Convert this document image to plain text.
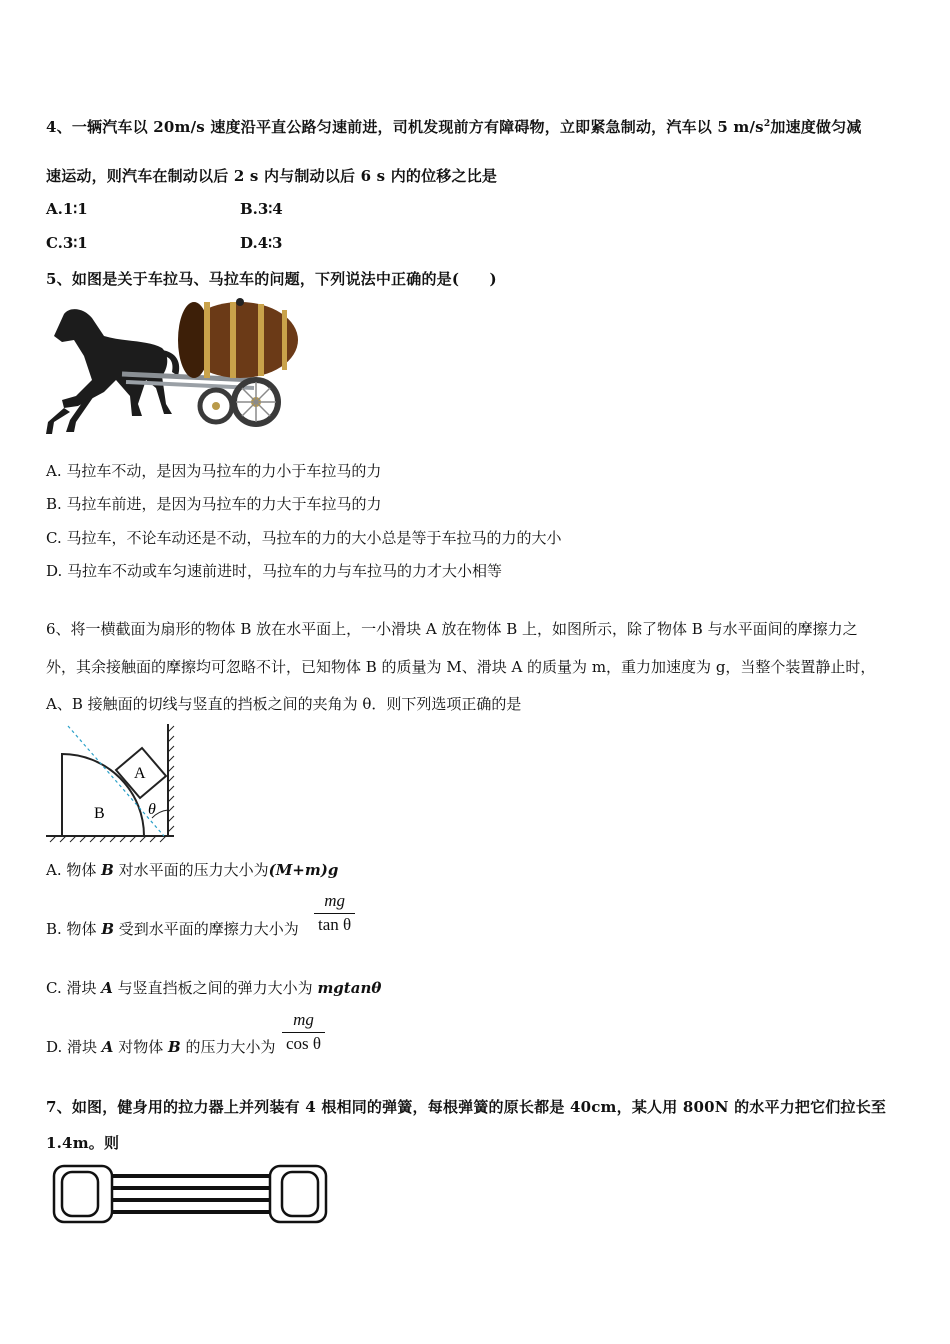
4、一辆汽车以 20m/s 速度沿平直公路匀速前进，司机发现前方有障碍物，立即紧急制动，汽车以 5 $m/s^2$加速度做匀减
速运动，则汽车在制动以后 2 s 内与制动以后 6 s 内的位移之比是
A.1∶1	B.3∶4
C.3∶1	D.4∶3
5、如图是关于车拉马、马拉车的问题，下列说法中正确的是(　　)
A. 马拉车不动，是因为马拉车的力小于车拉马的力
B. 马拉车前进，是因为马拉车的力大于车拉马的力
C. 马拉车，不论车动还是不动，马拉车的力的大小总是等于车拉马的力的大小
D. 马拉车不动或车匀速前进时，马拉车的力与车拉马的力才大小相等
6、将一横截面为扇形的物体 B 放在水平面上，一小滑块 A 放在物体 B 上，如图所示，除了物体 B 与水平面间的摩擦力之
外，其余接触面的摩擦均可忽略不计，已知物体 B 的质量为 M、滑块 A 的质量为 m，重力加速度为 g，当整个装置静止时，
A、B 接触面的切线与竖直的挡板之间的夹角为 θ．则下列选项正确的是
A
B	θ
A. 物体 B 对水平面的压力大小为(M+m)g
B. 物体 B 受到水平面的摩擦力大小为
mg
tan θ
C. 滑块 A 与竖直挡板之间的弹力大小为 mgtanθ
D. 滑块 A 对物体 B 的压力大小为
mg
cos θ
7、如图，健身用的拉力器上并列装有 4 根相同的弹簧，每根弹簧的原长都是 40cm，某人用 800N 的水平力把它们拉长至
1.4m。则
